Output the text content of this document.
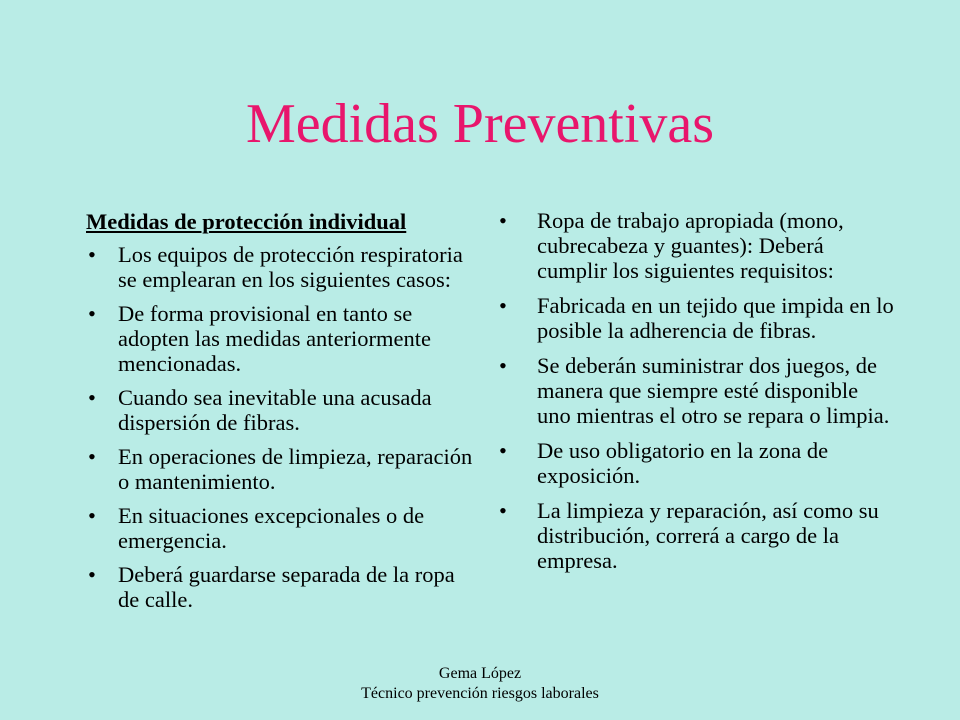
Medidas Preventivas
Medidas de protección individual
• Los equipos de protección respiratoria se emplearan en los siguientes casos:
• De forma provisional en tanto se adopten las medidas anteriormente mencionadas.
• Cuando sea inevitable una acusada dispersión de fibras.
• En operaciones de limpieza, reparación o mantenimiento.
• En situaciones excepcionales o de emergencia.
• Deberá guardarse separada de la ropa de calle.
• Ropa de trabajo apropiada (mono, cubrecabeza y guantes): Deberá cumplir los siguientes requisitos:
• Fabricada en un tejido que impida en lo posible la adherencia de fibras.
• Se deberán suministrar dos juegos, de manera que siempre esté disponible uno mientras el otro se repara o limpia.
• De uso obligatorio en la zona de exposición.
• La limpieza y reparación, así como su distribución, correrá a cargo de la empresa.
Gema López
Técnico prevención riesgos laborales
